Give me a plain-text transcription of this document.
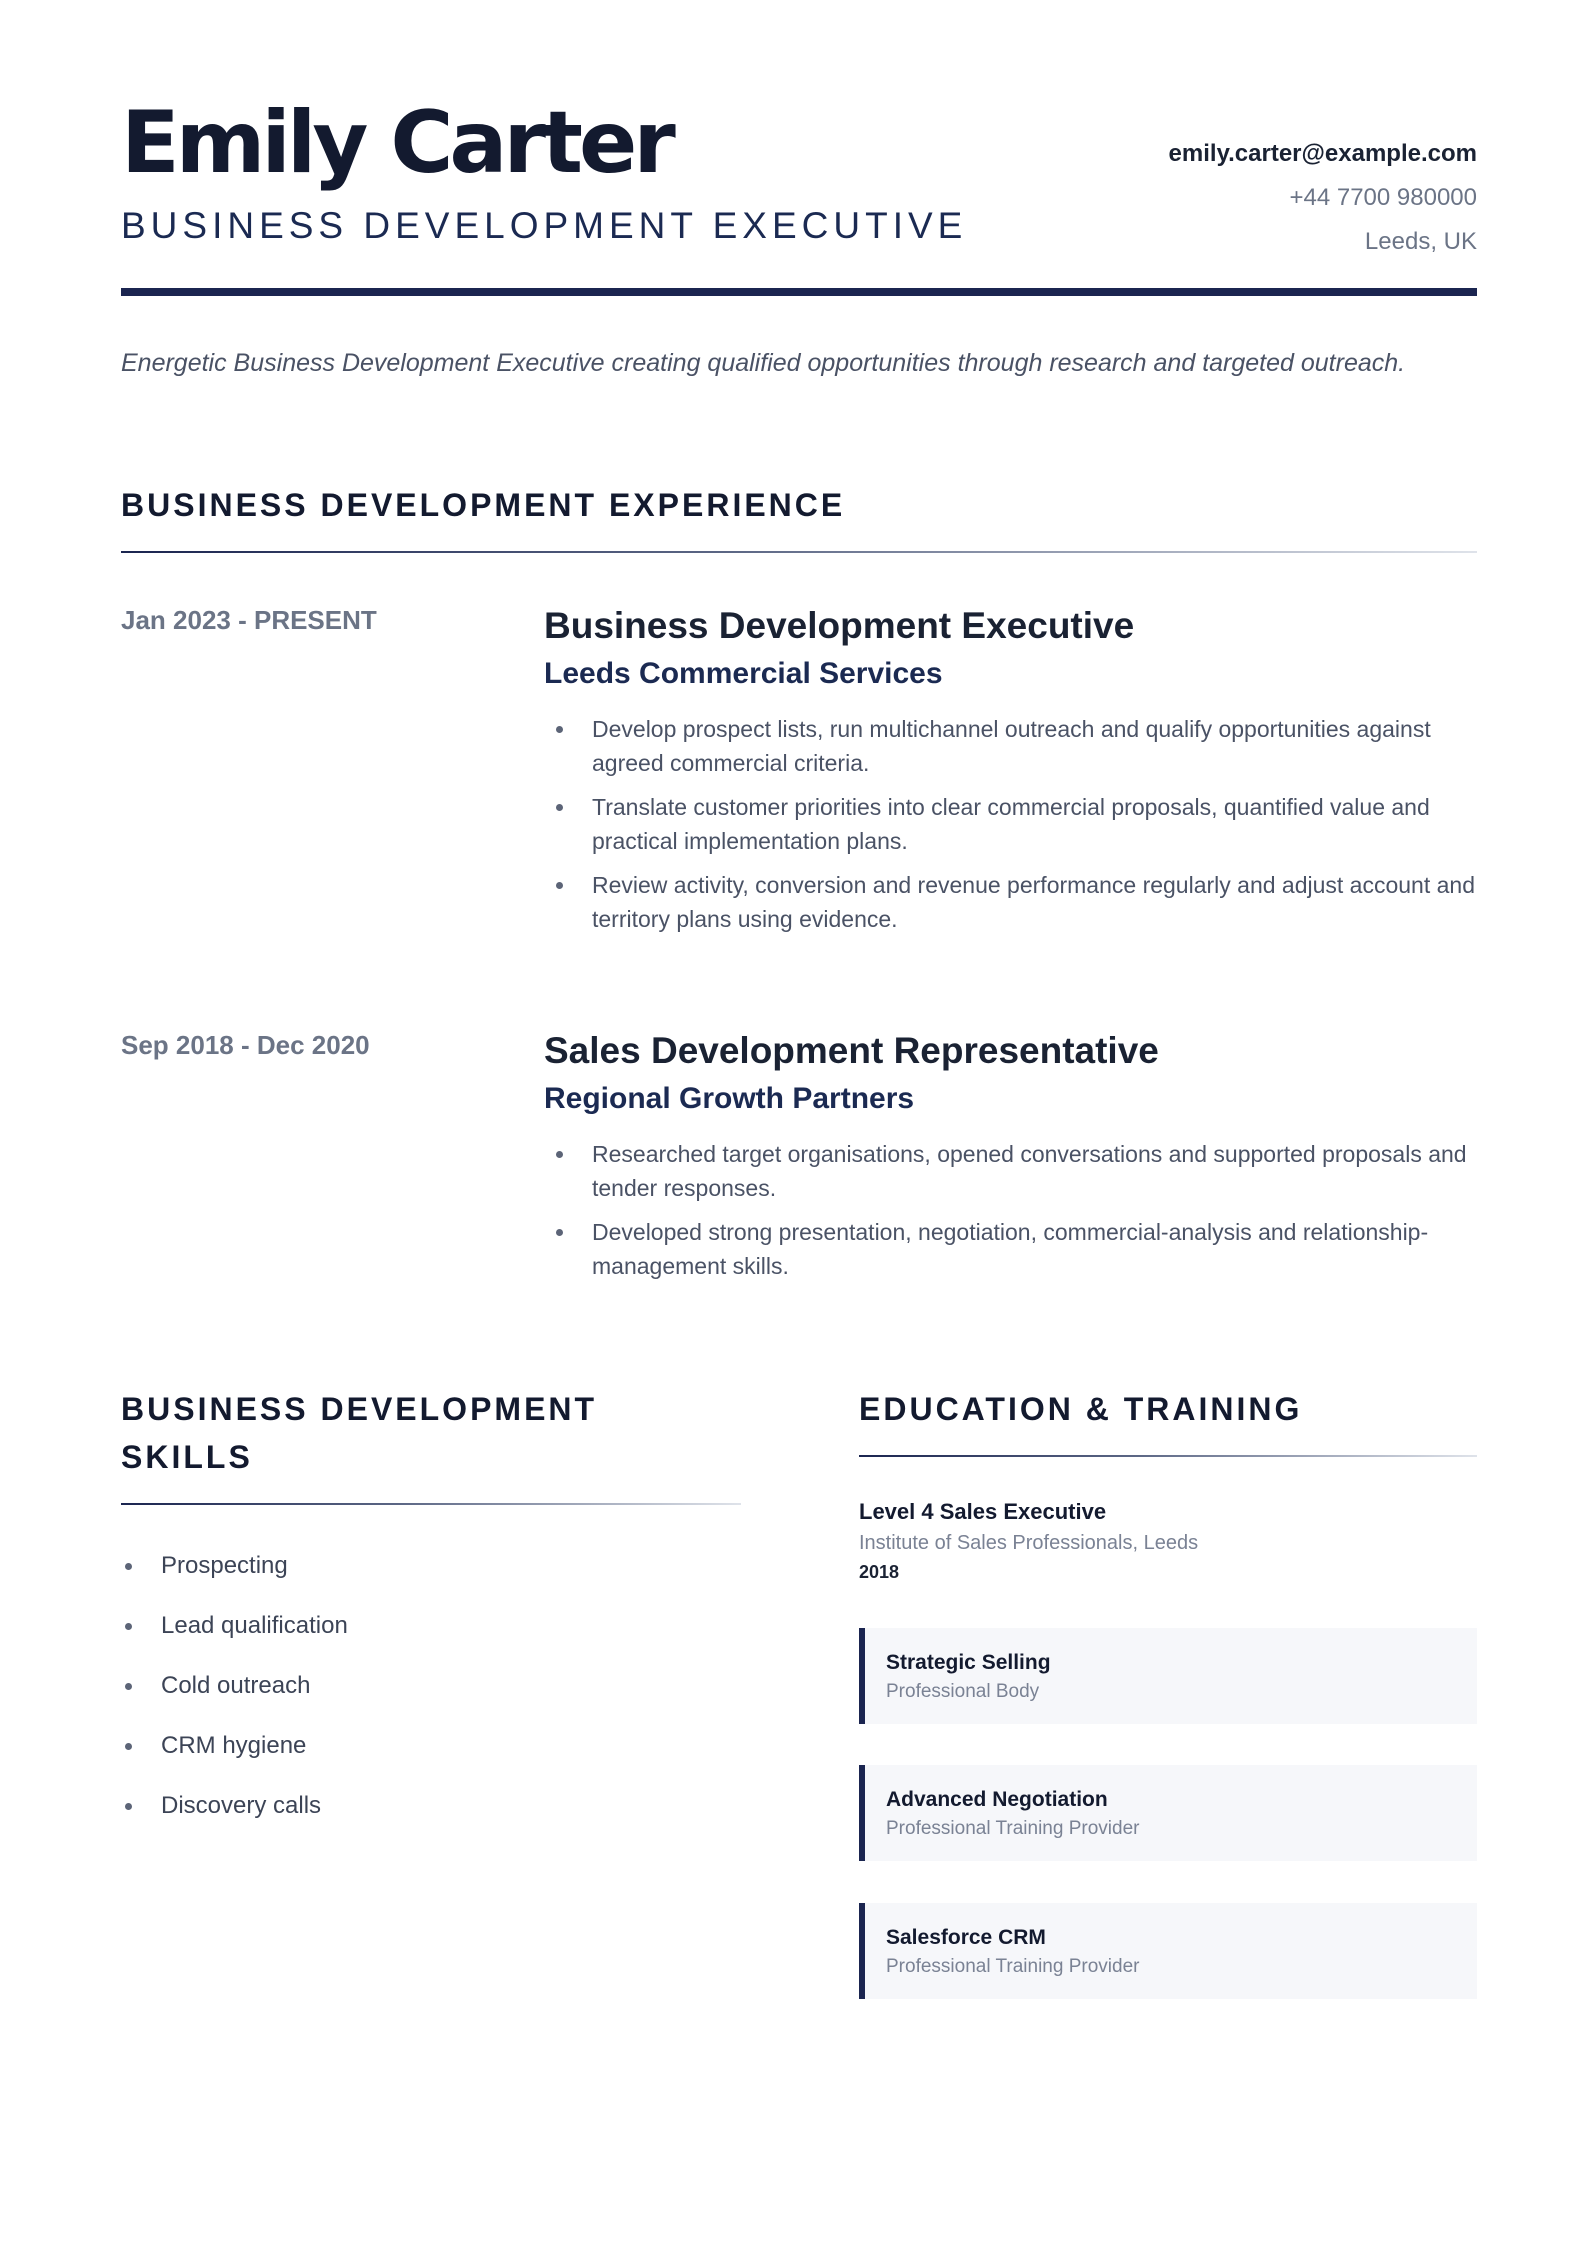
Emily Carter
BUSINESS DEVELOPMENT EXECUTIVE
emily.carter@example.com
+44 7700 980000
Leeds, UK
Energetic Business Development Executive creating qualified opportunities through research and targeted outreach.
BUSINESS DEVELOPMENT EXPERIENCE
Jan 2023 - PRESENT	Business Development Executive
Leeds Commercial Services
Develop prospect lists, run multichannel outreach and qualify opportunities against agreed commercial criteria.
Translate customer priorities into clear commercial proposals, quantified value and practical implementation plans.
Review activity, conversion and revenue performance regularly and adjust account and territory plans using evidence.
Sep 2018 - Dec 2020	Sales Development Representative
Regional Growth Partners
Researched target organisations, opened conversations and supported proposals and tender responses.
Developed strong presentation, negotiation, commercial-analysis and relationship-management skills.
BUSINESS DEVELOPMENT
SKILLS
Prospecting
Lead qualification
Cold outreach
CRM hygiene
Discovery calls
EDUCATION & TRAINING
Level 4 Sales Executive
Institute of Sales Professionals, Leeds
2018
Strategic Selling
Professional Body
Advanced Negotiation
Professional Training Provider
Salesforce CRM
Professional Training Provider
